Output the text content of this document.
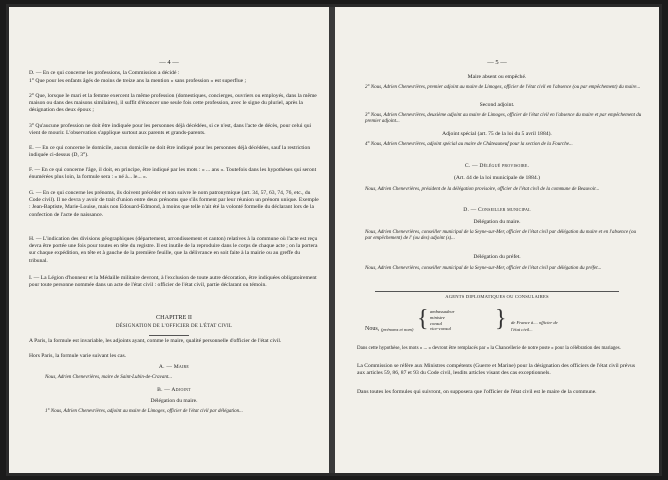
— 4 —

D. — En ce qui concerne les professions, la Commission a décidé :

1° Que pour les enfants âgés de moins de treize ans la mention « sans profession » est superflue ;

2° Que, lorsque le mari et la femme exercent la même profession (domestiques, concierges, ouvriers ou employés, dans la même maison ou dans des maisons similaires), il suffit d'énoncer une seule fois cette profession, avec le signe du pluriel, après la désignation des deux époux ;

3° Qu'aucune profession ne doit être indiquée pour les personnes déjà décédées, si ce n'est, dans l'acte de décès, pour celui qui vient de mourir. L'observation s'applique surtout aux parents et grands-parents.

E. — En ce qui concerne le domicile, aucun domicile ne doit être indiqué pour les personnes déjà décédées, sauf la restriction indiquée ci-dessus (D, 3°).

F. — En ce qui concerne l'âge, il doit, en principe, être indiqué par les mots : « ... ans ». Toutefois dans les hypothèses qui seront énumérées plus loin, la formule sera : « né à... le... ».

G. — En ce qui concerne les prénoms, ils doivent précéder et non suivre le nom patronymique (art. 34, 57, 63, 74, 76, etc., du Code civil). Il ne devra y avoir de trait d'union entre deux prénoms que s'ils forment par leur réunion un prénom unique. Exemple : Jean-Baptiste, Marie-Louise, mais non Edouard-Edmond, à moins que telle n'ait été la volonté formelle du déclarant lors de la confection de l'acte de naissance.

H. — L'indication des divisions géographiques (département, arrondissement et canton) relatives à la commune où l'acte est reçu devra être portée une fois pour toutes en tête du registre. Il est inutile de la reproduire dans le corps de chaque acte ; on la portera sur chaque expédition, en tête et à gauche de la première feuille, que la délivrance en soit faite à la mairie ou au greffe du tribunal.

I. — La Légion d'honneur et la Médaille militaire devront, à l'exclusion de toute autre décoration, être indiquées obligatoirement pour toute personne nommée dans un acte de l'état civil : officier de l'état civil, partie déclarant ou témoin.

CHAPITRE II

DÉSIGNATION DE L'OFFICIER DE L'ÉTAT CIVIL

A Paris, la formule est invariable, les adjoints ayant, comme le maire, qualité personnelle d'officier de l'état civil.

Hors Paris, la formule varie suivant les cas.

A. — Maire

Nous, Adrien Chenevrières, maire de Saint-Lubin-de-Cravant...

B. — Adjoint

Délégation du maire.

1° Nous, Adrien Chenevrières, adjoint au maire de Limoges, officier de l'état civil par délégation...

— 5 —

Maire absent ou empêché.

2° Nous, Adrien Chenevrières, premier adjoint au maire de Limoges, officier de l'état civil en l'absence (ou par empêchement) du maire...

Second adjoint.

3° Nous, Adrien Chenevrières, deuxième adjoint au maire de Limoges, officier de l'état civil en l'absence du maire et par empêchement du premier adjoint...

Adjoint spécial (art. 75 de la loi du 5 avril 1884).

4° Nous, Adrien Chenevrières, adjoint spécial au maire de Châteauneuf pour la section de la Fourche...

C. — Délégué provisoire.

(Art. 44 de la loi municipale de 1884.)

Nous, Adrien Chenevrières, président de la délégation provisoire, officier de l'état civil de la commune de Beauvoir...

D. — Conseiller municipal

Délégation du maire.

Nous, Adrien Chenevrières, conseiller municipal de la Seyne-sur-Mer, officier de l'état civil par délégation du maire et en l'absence (ou par empêchement) de l' (ou des) adjoint (s)...

Délégation du préfet.

Nous, Adrien Chenevrières, conseiller municipal de la Seyne-sur-Mer, officier de l'état civil par délégation du préfet...

AGENTS DIPLOMATIQUES OU CONSULAIRES

Nous, (prénoms et nom) { ambassadeur
ministre
consul
vice-consul	} de France à.... officier de

l'état civil...

Dans cette hypothèse, les mots « ... » devront être remplacés par « la Chancellerie de notre poste » pour la célébration des mariages.

La Commission se réfère aux Ministres compétents (Guerre et Marine) pour la désignation des officiers de l'état civil prévus aux articles 59, 86, 87 et 93 du Code civil, lesdits articles visant des cas exceptionnels.

Dans toutes les formules qui suivront, on supposera que l'officier de l'état civil est le maire de la commune.
